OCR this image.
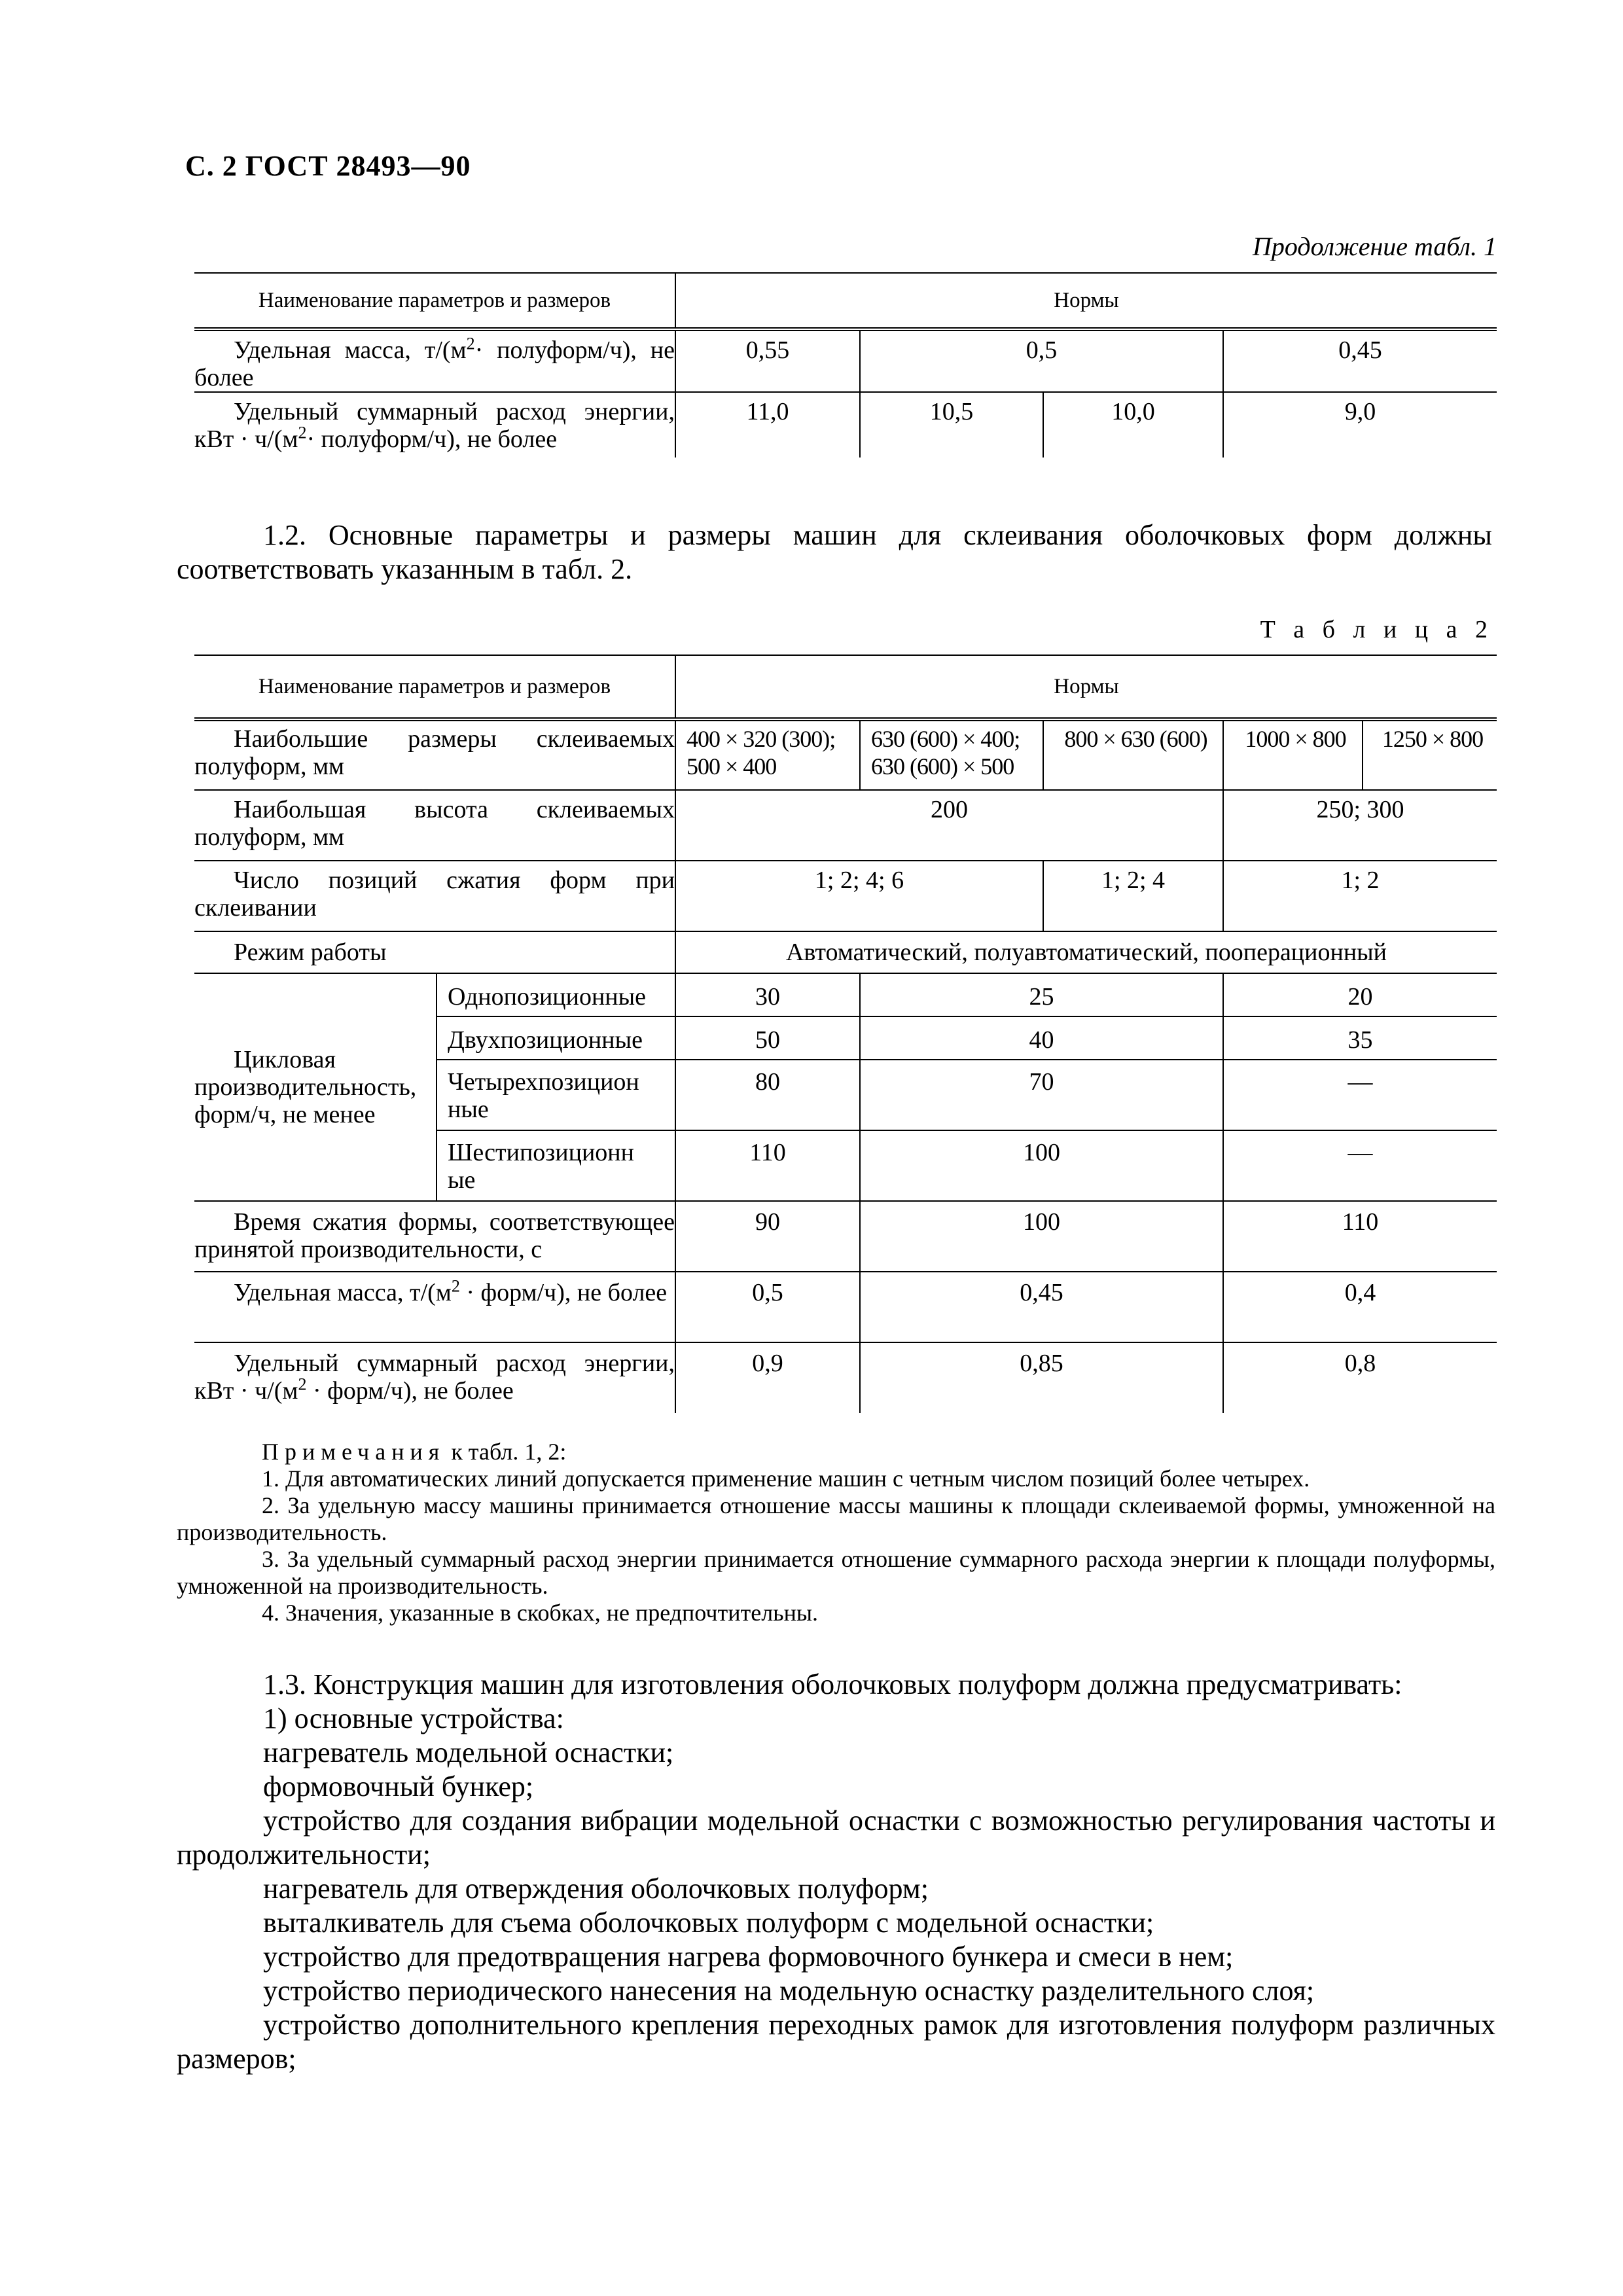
С. 2 ГОСТ 28493—90
Продолжение табл. 1
Наименование параметров и размеров	Нормы			
Удельная масса, $т/(м^2\cdot$ полуформ/ч), не более	0,55	0,5		0,45
Удельный суммарный расход энергии, кВт · $ч/(м^2\cdot$ полуформ/ч), не более	11,0	10,5	10,0	9,0
1.2. Основные параметры и размеры машин для склеивания оболочковых форм должны соответствовать указанным в табл. 2.
Т а б л и ц а 2
Наименование параметров и размеров		Нормы				
Наибольшие размеры склеиваемых полуформ, мм		400 × 320 (300); 500 × 400	630 (600) × 400; 630 (600) × 500	800 × 630 (600)	1000 × 800	1250 × 800
Наибольшая высота склеиваемых полуформ, мм		200			250; 300	
Число позиций сжатия форм при склеивании		1; 2; 4; 6		1; 2; 4	1; 2	
Режим работы		Автоматический, полуавтоматический, пооперационный				

Цикловая производительность, форм/ч, не менее	Однопозиционные	30	25		20	
	Двухпозиционные	50	40		35	
	Четырехпозиционные	80	70		—	
	Шестипозиционные	110	100		—	
Время сжатия формы, соответствующее принятой производительности, с		90	100		110	
Удельная масса, $т/(м^2$ · форм/ч), не более		0,5	0,45		0,4	
Удельный суммарный расход энергии, кВт · $ч/(м^2$ · форм/ч), не более		0,9	0,85		0,8	
Примечания к табл. 1, 2:
1. Для автоматических линий допускается применение машин с четным числом позиций более четырех.
2. За удельную массу машины принимается отношение массы машины к площади склеиваемой формы, умноженной на производительность.
3. За удельный суммарный расход энергии принимается отношение суммарного расхода энергии к площади полуформы, умноженной на производительность.
4. Значения, указанные в скобках, не предпочтительны.
1.3. Конструкция машин для изготовления оболочковых полуформ должна предусматривать:
1) основные устройства:
нагреватель модельной оснастки;
формовочный бункер;
устройство для создания вибрации модельной оснастки с возможностью регулирования частоты и продолжительности;
нагреватель для отверждения оболочковых полуформ;
выталкиватель для съема оболочковых полуформ с модельной оснастки;
устройство для предотвращения нагрева формовочного бункера и смеси в нем;
устройство периодического нанесения на модельную оснастку разделительного слоя;
устройство дополнительного крепления переходных рамок для изготовления полуформ различных размеров;
